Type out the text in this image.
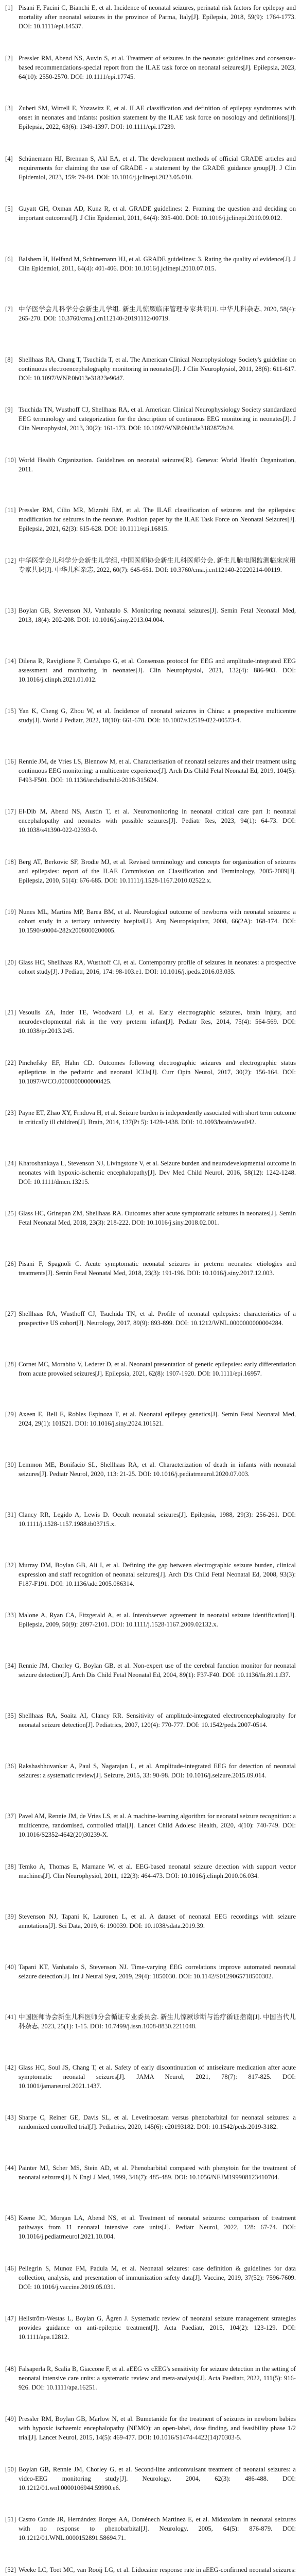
[1] Pisani F, Facini C, Bianchi E, et al. Incidence of neonatal seizures, perinatal risk factors for epilepsy and mortality after neonatal seizures in the province of Parma, Italy[J]. Epilepsia, 2018, 59(9): 1764-1773. DOI: 10.1111/epi.14537.
[2] Pressler RM, Abend NS, Auvin S, et al. Treatment of seizures in the neonate: guidelines and consensus-based recommendations-special report from the ILAE task force on neonatal seizures[J]. Epilepsia, 2023, 64(10): 2550-2570. DOI: 10.1111/epi.17745.
[3] Zuberi SM, Wirrell E, Yozawitz E, et al. ILAE classification and definition of epilepsy syndromes with onset in neonates and infants: position statement by the ILAE task force on nosology and definitions[J]. Epilepsia, 2022, 63(6): 1349-1397. DOI: 10.1111/epi.17239.
[4] Schünemann HJ, Brennan S, Akl EA, et al. The development methods of official GRADE articles and requirements for claiming the use of GRADE - a statement by the GRADE guidance group[J]. J Clin Epidemiol, 2023, 159: 79-84. DOI: 10.1016/j.jclinepi.2023.05.010.
[5] Guyatt GH, Oxman AD, Kunz R, et al. GRADE guidelines: 2. Framing the question and deciding on important outcomes[J]. J Clin Epidemiol, 2011, 64(4): 395-400. DOI: 10.1016/j.jclinepi.2010.09.012.
[6] Balshem H, Helfand M, Schünemann HJ, et al. GRADE guidelines: 3. Rating the quality of evidence[J]. J Clin Epidemiol, 2011, 64(4): 401-406. DOI: 10.1016/j.jclinepi.2010.07.015.
[7] 中华医学会儿科学分会新生儿学组. 新生儿惊厥临床管理专家共识[J]. 中华儿科杂志, 2020, 58(4): 265-270. DOI: 10.3760/cma.j.cn112140-20191112-00719.
[8] Shellhaas RA, Chang T, Tsuchida T, et al. The American Clinical Neurophysiology Society's guideline on continuous electroencephalography monitoring in neonates[J]. J Clin Neurophysiol, 2011, 28(6): 611-617. DOI: 10.1097/WNP.0b013e31823e96d7.
[9] Tsuchida TN, Wusthoff CJ, Shellhaas RA, et al. American Clinical Neurophysiology Society standardized EEG terminology and categorization for the description of continuous EEG monitoring in neonates[J]. J Clin Neurophysiol, 2013, 30(2): 161-173. DOI: 10.1097/WNP.0b013e3182872b24.
[10] World Health Organization. Guidelines on neonatal seizures[R]. Geneva: World Health Organization, 2011.
[11] Pressler RM, Cilio MR, Mizrahi EM, et al. The ILAE classification of seizures and the epilepsies: modification for seizures in the neonate. Position paper by the ILAE Task Force on Neonatal Seizures[J]. Epilepsia, 2021, 62(3): 615-628. DOI: 10.1111/epi.16815.
[12] 中华医学会儿科学分会新生儿学组, 中国医师协会新生儿科医师分会. 新生儿脑电图监测临床应用专家共识[J]. 中华儿科杂志, 2022, 60(7): 645-651. DOI: 10.3760/cma.j.cn112140-20220214-00119.
[13] Boylan GB, Stevenson NJ, Vanhatalo S. Monitoring neonatal seizures[J]. Semin Fetal Neonatal Med, 2013, 18(4): 202-208. DOI: 10.1016/j.siny.2013.04.004.
[14] Dilena R, Raviglione F, Cantalupo G, et al. Consensus protocol for EEG and amplitude-integrated EEG assessment and monitoring in neonates[J]. Clin Neurophysiol, 2021, 132(4): 886-903. DOI: 10.1016/j.clinph.2021.01.012.
[15] Yan K, Cheng G, Zhou W, et al. Incidence of neonatal seizures in China: a prospective multicentre study[J]. World J Pediatr, 2022, 18(10): 661-670. DOI: 10.1007/s12519-022-00573-4.
[16] Rennie JM, de Vries LS, Blennow M, et al. Characterisation of neonatal seizures and their treatment using continuous EEG monitoring: a multicentre experience[J]. Arch Dis Child Fetal Neonatal Ed, 2019, 104(5): F493-F501. DOI: 10.1136/archdischild-2018-315624.
[17] El-Dib M, Abend NS, Austin T, et al. Neuromonitoring in neonatal critical care part I: neonatal encephalopathy and neonates with possible seizures[J]. Pediatr Res, 2023, 94(1): 64-73. DOI: 10.1038/s41390-022-02393-0.
[18] Berg AT, Berkovic SF, Brodie MJ, et al. Revised terminology and concepts for organization of seizures and epilepsies: report of the ILAE Commission on Classification and Terminology, 2005-2009[J]. Epilepsia, 2010, 51(4): 676-685. DOI: 10.1111/j.1528-1167.2010.02522.x.
[19] Nunes ML, Martins MP, Barea BM, et al. Neurological outcome of newborns with neonatal seizures: a cohort study in a tertiary university hospital[J]. Arq Neuropsiquiatr, 2008, 66(2A): 168-174. DOI: 10.1590/s0004-282x2008000200005.
[20] Glass HC, Shellhaas RA, Wusthoff CJ, et al. Contemporary profile of seizures in neonates: a prospective cohort study[J]. J Pediatr, 2016, 174: 98-103.e1. DOI: 10.1016/j.jpeds.2016.03.035.
[21] Vesoulis ZA, Inder TE, Woodward LJ, et al. Early electrographic seizures, brain injury, and neurodevelopmental risk in the very preterm infant[J]. Pediatr Res, 2014, 75(4): 564-569. DOI: 10.1038/pr.2013.245.
[22] Pinchefsky EF, Hahn CD. Outcomes following electrographic seizures and electrographic status epilepticus in the pediatric and neonatal ICUs[J]. Curr Opin Neurol, 2017, 30(2): 156-164. DOI: 10.1097/WCO.0000000000000425.
[23] Payne ET, Zhao XY, Frndova H, et al. Seizure burden is independently associated with short term outcome in critically ill children[J]. Brain, 2014, 137(Pt 5): 1429-1438. DOI: 10.1093/brain/awu042.
[24] Kharoshankaya L, Stevenson NJ, Livingstone V, et al. Seizure burden and neurodevelopmental outcome in neonates with hypoxic-ischemic encephalopathy[J]. Dev Med Child Neurol, 2016, 58(12): 1242-1248. DOI: 10.1111/dmcn.13215.
[25] Glass HC, Grinspan ZM, Shellhaas RA. Outcomes after acute symptomatic seizures in neonates[J]. Semin Fetal Neonatal Med, 2018, 23(3): 218-222. DOI: 10.1016/j.siny.2018.02.001.
[26] Pisani F, Spagnoli C. Acute symptomatic neonatal seizures in preterm neonates: etiologies and treatments[J]. Semin Fetal Neonatal Med, 2018, 23(3): 191-196. DOI: 10.1016/j.siny.2017.12.003.
[27] Shellhaas RA, Wusthoff CJ, Tsuchida TN, et al. Profile of neonatal epilepsies: characteristics of a prospective US cohort[J]. Neurology, 2017, 89(9): 893-899. DOI: 10.1212/WNL.0000000000004284.
[28] Cornet MC, Morabito V, Lederer D, et al. Neonatal presentation of genetic epilepsies: early differentiation from acute provoked seizures[J]. Epilepsia, 2021, 62(8): 1907-1920. DOI: 10.1111/epi.16957.
[29] Axeen E, Bell E, Robles Espinoza T, et al. Neonatal epilepsy genetics[J]. Semin Fetal Neonatal Med, 2024, 29(1): 101521. DOI: 10.1016/j.siny.2024.101521.
[30] Lemmon ME, Bonifacio SL, Shellhaas RA, et al. Characterization of death in infants with neonatal seizures[J]. Pediatr Neurol, 2020, 113: 21-25. DOI: 10.1016/j.pediatrneurol.2020.07.003.
[31] Clancy RR, Legido A, Lewis D. Occult neonatal seizures[J]. Epilepsia, 1988, 29(3): 256-261. DOI: 10.1111/j.1528-1157.1988.tb03715.x.
[32] Murray DM, Boylan GB, Ali I, et al. Defining the gap between electrographic seizure burden, clinical expression and staff recognition of neonatal seizures[J]. Arch Dis Child Fetal Neonatal Ed, 2008, 93(3): F187-F191. DOI: 10.1136/adc.2005.086314.
[33] Malone A, Ryan CA, Fitzgerald A, et al. Interobserver agreement in neonatal seizure identification[J]. Epilepsia, 2009, 50(9): 2097-2101. DOI: 10.1111/j.1528-1167.2009.02132.x.
[34] Rennie JM, Chorley G, Boylan GB, et al. Non-expert use of the cerebral function monitor for neonatal seizure detection[J]. Arch Dis Child Fetal Neonatal Ed, 2004, 89(1): F37-F40. DOI: 10.1136/fn.89.1.f37.
[35] Shellhaas RA, Soaita AI, Clancy RR. Sensitivity of amplitude-integrated electroencephalography for neonatal seizure detection[J]. Pediatrics, 2007, 120(4): 770-777. DOI: 10.1542/peds.2007-0514.
[36] Rakshasbhuvankar A, Paul S, Nagarajan L, et al. Amplitude-integrated EEG for detection of neonatal seizures: a systematic review[J]. Seizure, 2015, 33: 90-98. DOI: 10.1016/j.seizure.2015.09.014.
[37] Pavel AM, Rennie JM, de Vries LS, et al. A machine-learning algorithm for neonatal seizure recognition: a multicentre, randomised, controlled trial[J]. Lancet Child Adolesc Health, 2020, 4(10): 740-749. DOI: 10.1016/S2352-4642(20)30239-X.
[38] Temko A, Thomas E, Marnane W, et al. EEG-based neonatal seizure detection with support vector machines[J]. Clin Neurophysiol, 2011, 122(3): 464-473. DOI: 10.1016/j.clinph.2010.06.034.
[39] Stevenson NJ, Tapani K, Lauronen L, et al. A dataset of neonatal EEG recordings with seizure annotations[J]. Sci Data, 2019, 6: 190039. DOI: 10.1038/sdata.2019.39.
[40] Tapani KT, Vanhatalo S, Stevenson NJ. Time-varying EEG correlations improve automated neonatal seizure detection[J]. Int J Neural Syst, 2019, 29(4): 1850030. DOI: 10.1142/S0129065718500302.
[41] 中国医师协会新生儿科医师分会循证专业委员会. 新生儿惊厥诊断与治疗循证指南[J]. 中国当代儿科杂志, 2023, 25(1): 1-15. DOI: 10.7499/j.issn.1008-8830.2211048.
[42] Glass HC, Soul JS, Chang T, et al. Safety of early discontinuation of antiseizure medication after acute symptomatic neonatal seizures[J]. JAMA Neurol, 2021, 78(7): 817-825. DOI: 10.1001/jamaneurol.2021.1437.
[43] Sharpe C, Reiner GE, Davis SL, et al. Levetiracetam versus phenobarbital for neonatal seizures: a randomized controlled trial[J]. Pediatrics, 2020, 145(6): e20193182. DOI: 10.1542/peds.2019-3182.
[44] Painter MJ, Scher MS, Stein AD, et al. Phenobarbital compared with phenytoin for the treatment of neonatal seizures[J]. N Engl J Med, 1999, 341(7): 485-489. DOI: 10.1056/NEJM199908123410704.
[45] Keene JC, Morgan LA, Abend NS, et al. Treatment of neonatal seizures: comparison of treatment pathways from 11 neonatal intensive care units[J]. Pediatr Neurol, 2022, 128: 67-74. DOI: 10.1016/j.pediatrneurol.2021.10.004.
[46] Pellegrin S, Munoz FM, Padula M, et al. Neonatal seizures: case definition & guidelines for data collection, analysis, and presentation of immunization safety data[J]. Vaccine, 2019, 37(52): 7596-7609. DOI: 10.1016/j.vaccine.2019.05.031.
[47] Hellström-Westas L, Boylan G, Ågren J. Systematic review of neonatal seizure management strategies provides guidance on anti-epileptic treatment[J]. Acta Paediatr, 2015, 104(2): 123-129. DOI: 10.1111/apa.12812.
[48] Falsaperla R, Scalia B, Giaccone F, et al. aEEG vs cEEG's sensitivity for seizure detection in the setting of neonatal intensive care units: a systematic review and meta-analysis[J]. Acta Paediatr, 2022, 111(5): 916-926. DOI: 10.1111/apa.16251.
[49] Pressler RM, Boylan GB, Marlow N, et al. Bumetanide for the treatment of seizures in newborn babies with hypoxic ischaemic encephalopathy (NEMO): an open-label, dose finding, and feasibility phase 1/2 trial[J]. Lancet Neurol, 2015, 14(5): 469-477. DOI: 10.1016/S1474-4422(14)70303-5.
[50] Boylan GB, Rennie JM, Chorley G, et al. Second-line anticonvulsant treatment of neonatal seizures: a video-EEG monitoring study[J]. Neurology, 2004, 62(3): 486-488. DOI: 10.1212/01.wnl.0000106944.59990.e6.
[51] Castro Conde JR, Hernández Borges AA, Doménech Martínez E, et al. Midazolam in neonatal seizures with no response to phenobarbital[J]. Neurology, 2005, 64(5): 876-879. DOI: 10.1212/01.WNL.0000152891.58694.71.
[52] Weeke LC, Toet MC, van Rooij LG, et al. Lidocaine response rate in aEEG-confirmed neonatal seizures:
